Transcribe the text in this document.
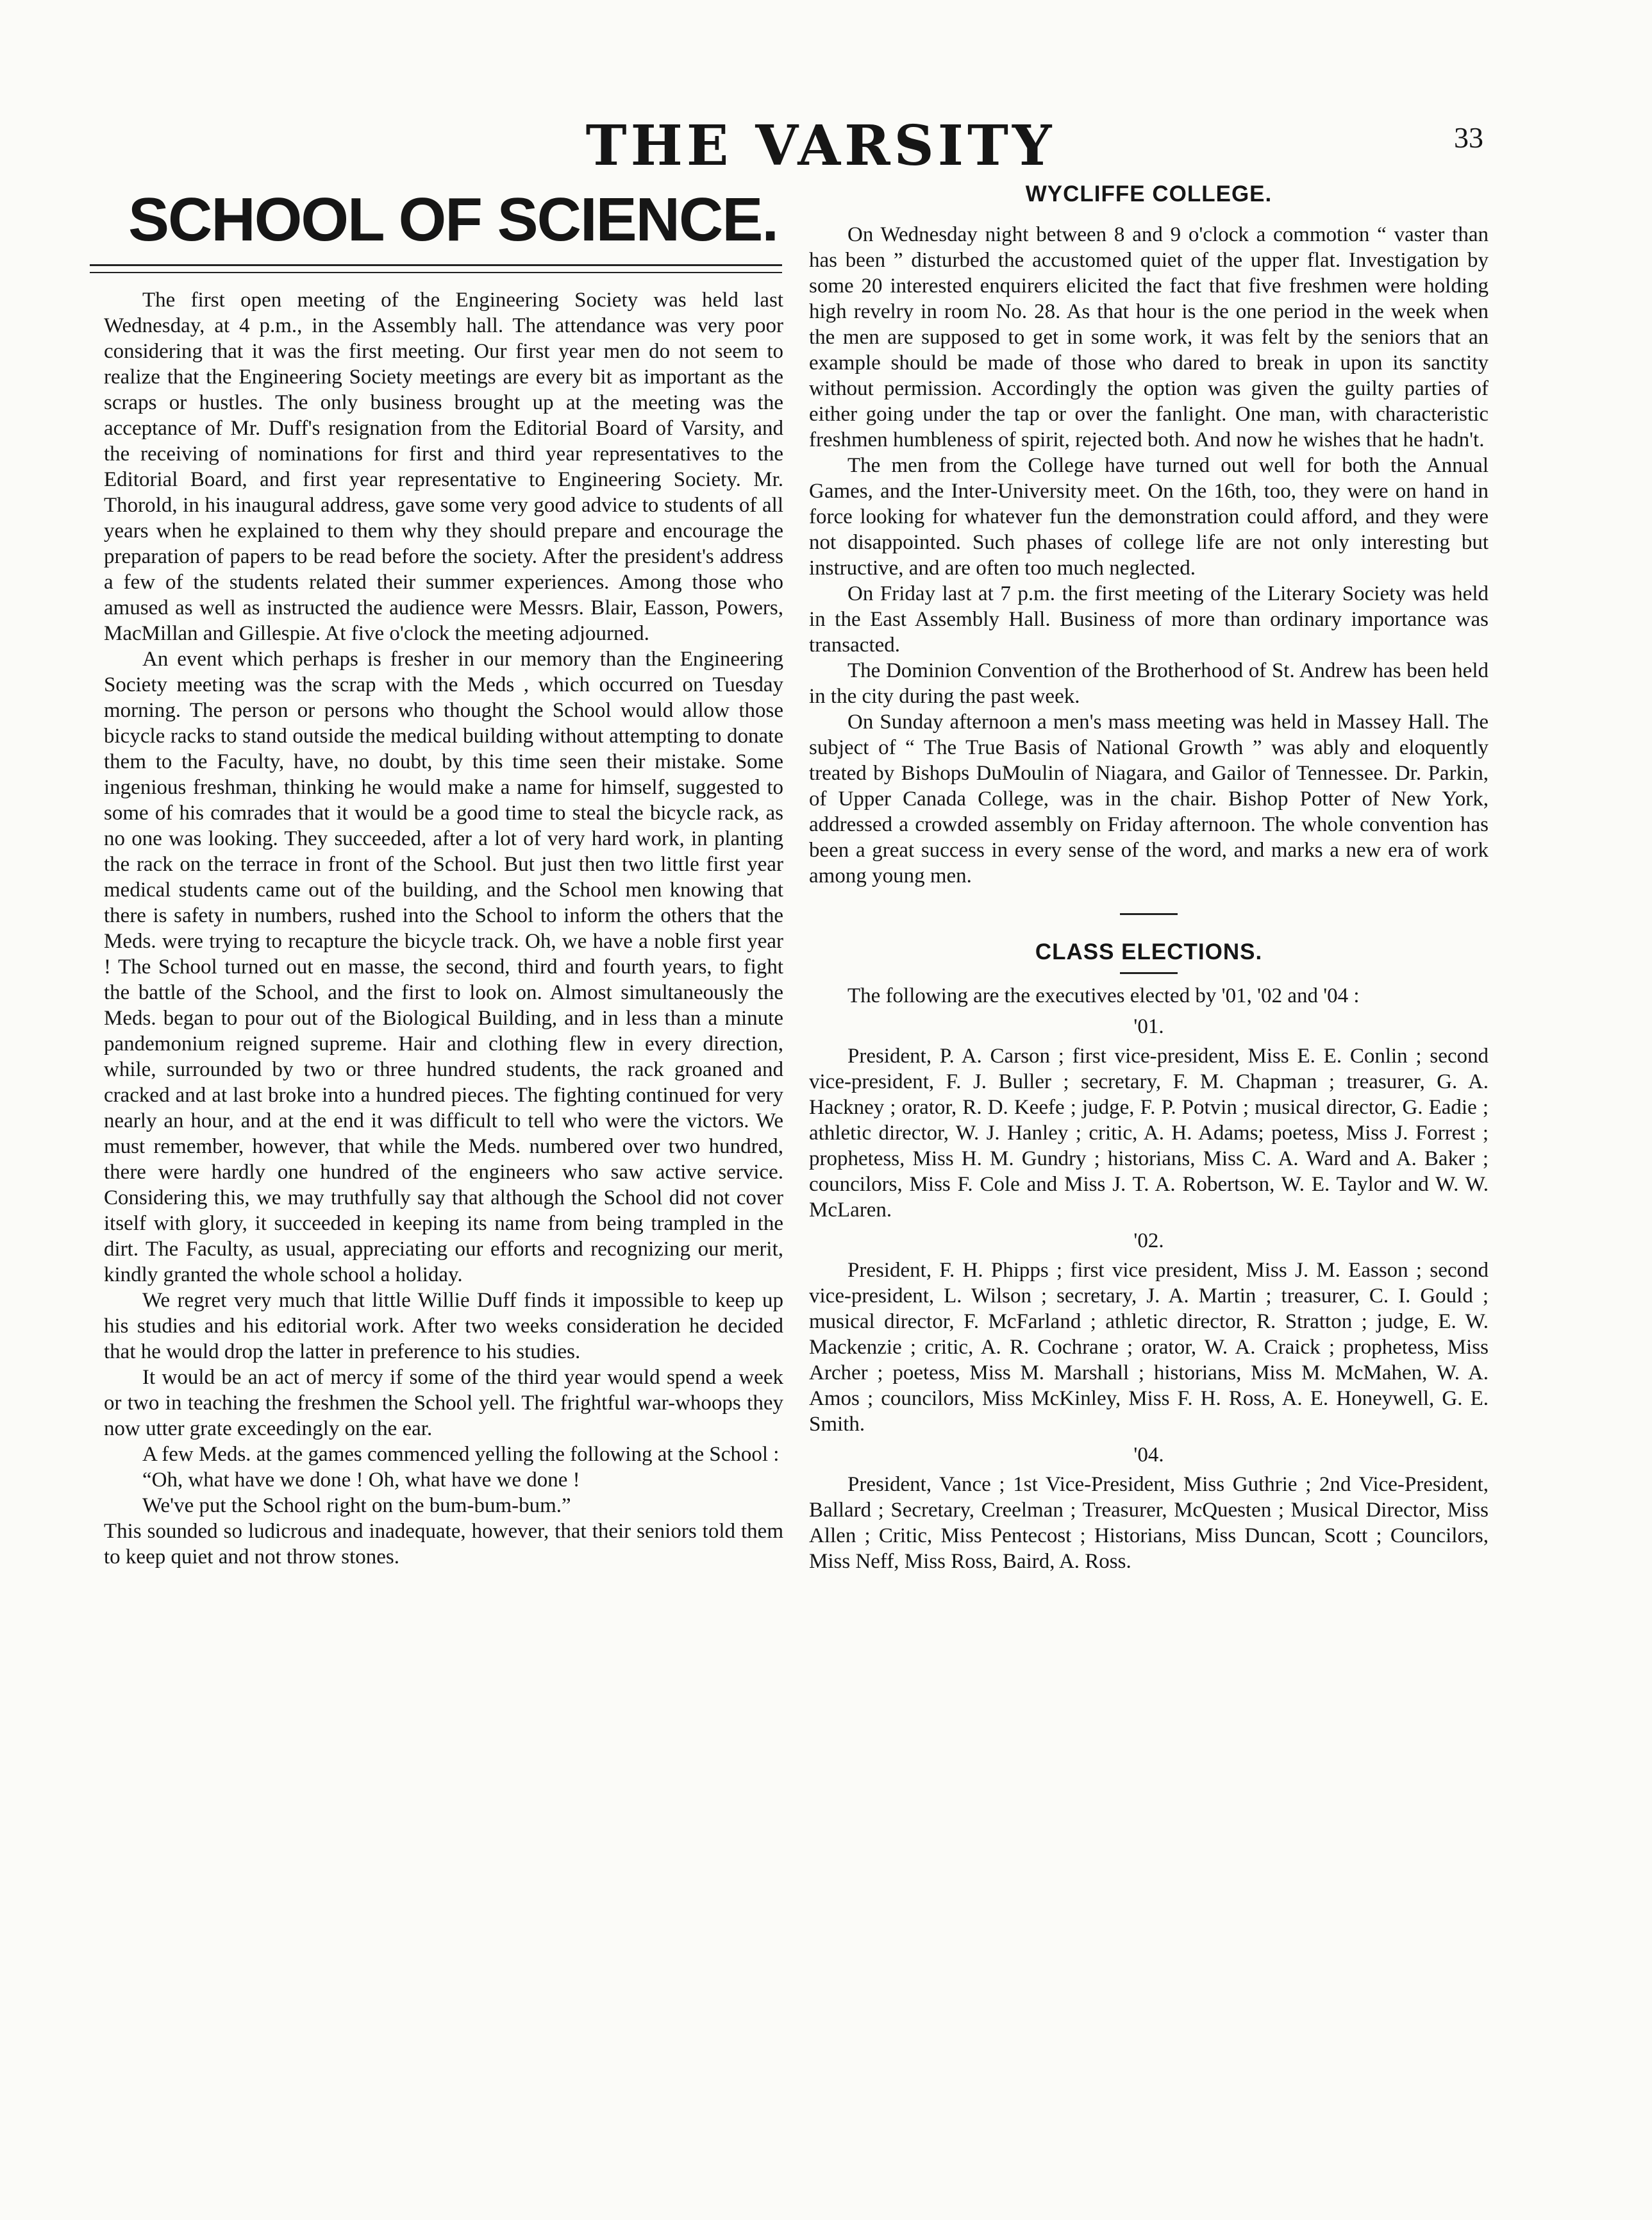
THE VARSITY	33
SCHOOL OF SCIENCE.

The first open meeting of the Engineering Society was held last Wednesday, at 4 p.m., in the Assembly hall. The attendance was very poor considering that it was the first meeting. Our first year men do not seem to realize that the Engineering Society meetings are every bit as important as the scraps or hustles. The only business brought up at the meeting was the acceptance of Mr. Duff's resignation from the Editorial Board of Varsity, and the receiving of nominations for first and third year representatives to the Editorial Board, and first year representative to Engineering Society. Mr. Thorold, in his inaugural address, gave some very good advice to students of all years when he explained to them why they should prepare and encourage the preparation of papers to be read before the society. After the president's address a few of the students related their summer experiences. Among those who amused as well as instructed the audience were Messrs. Blair, Easson, Powers, MacMillan and Gillespie. At five o'clock the meeting adjourned.

An event which perhaps is fresher in our memory than the Engineering Society meeting was the scrap with the Meds , which occurred on Tuesday morning. The person or persons who thought the School would allow those bicycle racks to stand outside the medical building without attempting to donate them to the Faculty, have, no doubt, by this time seen their mistake. Some ingenious freshman, thinking he would make a name for himself, suggested to some of his comrades that it would be a good time to steal the bicycle rack, as no one was looking. They succeeded, after a lot of very hard work, in planting the rack on the terrace in front of the School. But just then two little first year medical students came out of the building, and the School men knowing that there is safety in numbers, rushed into the School to inform the others that the Meds. were trying to recapture the bicycle track. Oh, we have a noble first year ! The School turned out en masse, the second, third and fourth years, to fight the battle of the School, and the first to look on. Almost simultaneously the Meds. began to pour out of the Biological Building, and in less than a minute pandemonium reigned supreme. Hair and clothing flew in every direction, while, surrounded by two or three hundred students, the rack groaned and cracked and at last broke into a hundred pieces. The fighting continued for very nearly an hour, and at the end it was difficult to tell who were the victors. We must remember, however, that while the Meds. numbered over two hundred, there were hardly one hundred of the engineers who saw active service. Considering this, we may truthfully say that although the School did not cover itself with glory, it succeeded in keeping its name from being trampled in the dirt. The Faculty, as usual, appreciating our efforts and recognizing our merit, kindly granted the whole school a holiday.

We regret very much that little Willie Duff finds it impossible to keep up his studies and his editorial work. After two weeks consideration he decided that he would drop the latter in preference to his studies.

It would be an act of mercy if some of the third year would spend a week or two in teaching the freshmen the School yell. The frightful war-whoops they now utter grate exceedingly on the ear.

A few Meds. at the games commenced yelling the following at the School :

“Oh, what have we done ! Oh, what have we done !

We've put the School right on the bum-bum-bum.”

This sounded so ludicrous and inadequate, however, that their seniors told them to keep quiet and not throw stones.

WYCLIFFE COLLEGE.

On Wednesday night between 8 and 9 o'clock a commotion “ vaster than has been ” disturbed the accustomed quiet of the upper flat. Investigation by some 20 interested enquirers elicited the fact that five freshmen were holding high revelry in room No. 28. As that hour is the one period in the week when the men are supposed to get in some work, it was felt by the seniors that an example should be made of those who dared to break in upon its sanctity without permission. Accordingly the option was given the guilty parties of either going under the tap or over the fanlight. One man, with characteristic freshmen humbleness of spirit, rejected both. And now he wishes that he hadn't.

The men from the College have turned out well for both the Annual Games, and the Inter-University meet. On the 16th, too, they were on hand in force looking for whatever fun the demonstration could afford, and they were not disappointed. Such phases of college life are not only interesting but instructive, and are often too much neglected.

On Friday last at 7 p.m. the first meeting of the Literary Society was held in the East Assembly Hall. Business of more than ordinary importance was transacted.

The Dominion Convention of the Brotherhood of St. Andrew has been held in the city during the past week.

On Sunday afternoon a men's mass meeting was held in Massey Hall. The subject of “ The True Basis of National Growth ” was ably and eloquently treated by Bishops DuMoulin of Niagara, and Gailor of Tennessee. Dr. Parkin, of Upper Canada College, was in the chair. Bishop Potter of New York, addressed a crowded assembly on Friday afternoon. The whole convention has been a great success in every sense of the word, and marks a new era of work among young men.

CLASS ELECTIONS.

The following are the executives elected by '01, '02 and '04 :

'01.

President, P. A. Carson ; first vice-president, Miss E. E. Conlin ; second vice-president, F. J. Buller ; secretary, F. M. Chapman ; treasurer, G. A. Hackney ; orator, R. D. Keefe ; judge, F. P. Potvin ; musical director, G. Eadie ; athletic director, W. J. Hanley ; critic, A. H. Adams; poetess, Miss J. Forrest ; prophetess, Miss H. M. Gundry ; historians, Miss C. A. Ward and A. Baker ; councilors, Miss F. Cole and Miss J. T. A. Robertson, W. E. Taylor and W. W. McLaren.

'02.

President, F. H. Phipps ; first vice president, Miss J. M. Easson ; second vice-president, L. Wilson ; secretary, J. A. Martin ; treasurer, C. I. Gould ; musical director, F. McFarland ; athletic director, R. Stratton ; judge, E. W. Mackenzie ; critic, A. R. Cochrane ; orator, W. A. Craick ; prophetess, Miss Archer ; poetess, Miss M. Marshall ; historians, Miss M. McMahen, W. A. Amos ; councilors, Miss McKinley, Miss F. H. Ross, A. E. Honeywell, G. E. Smith.

'04.

President, Vance ; 1st Vice-President, Miss Guthrie ; 2nd Vice-President, Ballard ; Secretary, Creelman ; Treasurer, McQuesten ; Musical Director, Miss Allen ; Critic, Miss Pentecost ; Historians, Miss Duncan, Scott ; Councilors, Miss Neff, Miss Ross, Baird, A. Ross.
